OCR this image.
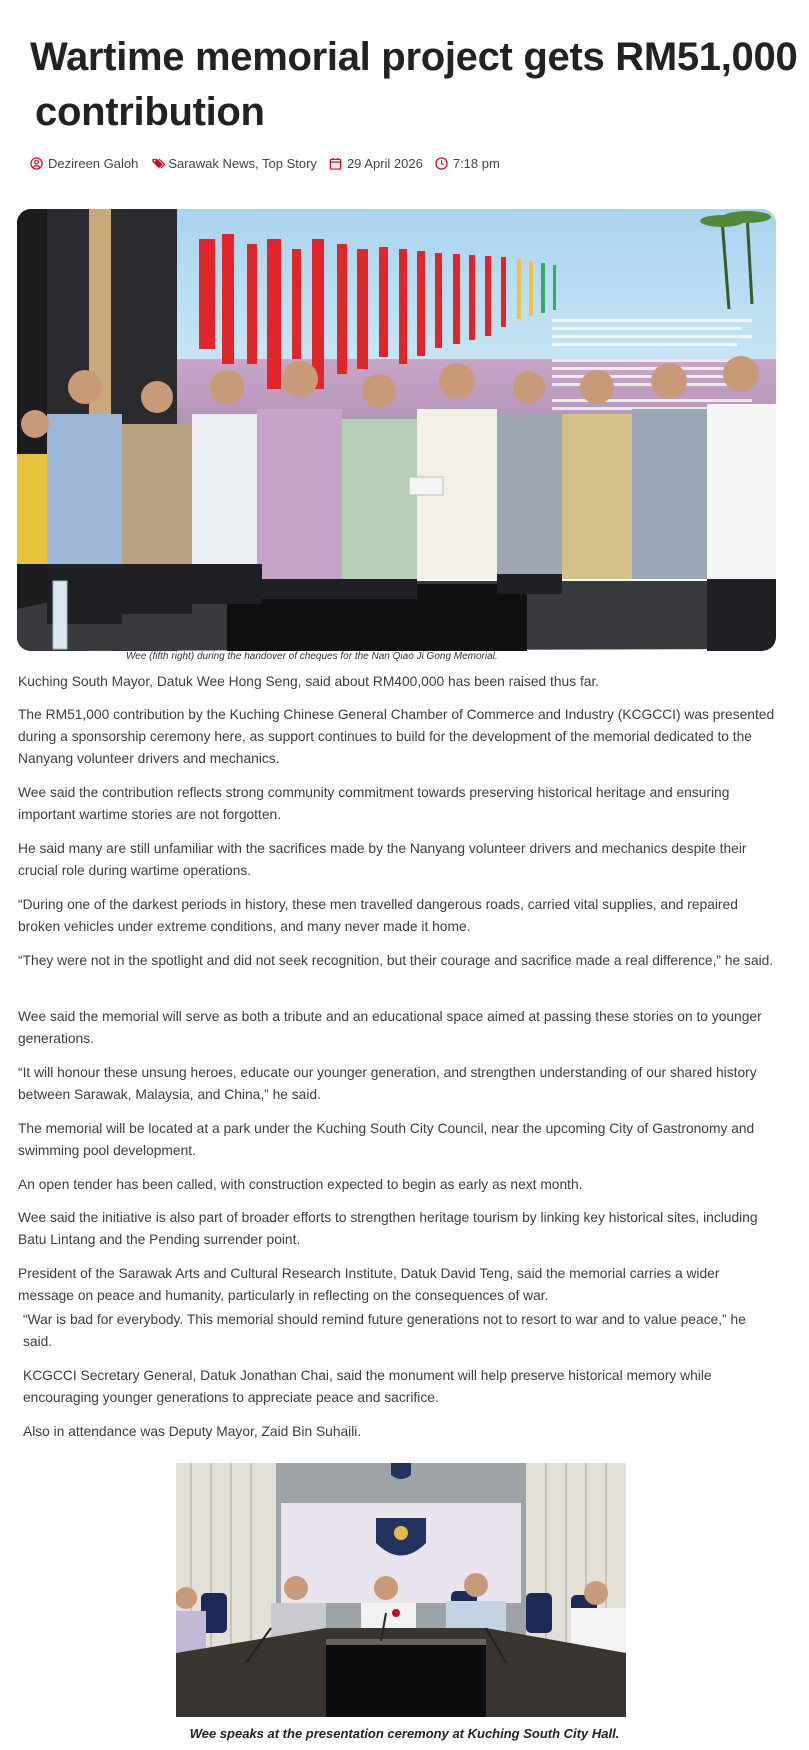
Wartime memorial project gets RM51,000
contribution
Dezireen Galoh Sarawak News, Top Story 29 April 2026 7:18 pm
Wee (fifth right) during the handover of cheques for the Nan Qiao Ji Gong Memorial.

Kuching South Mayor, Datuk Wee Hong Seng, said about RM400,000 has been raised thus far.

The RM51,000 contribution by the Kuching Chinese General Chamber of Commerce and Industry (KCGCCI) was presented during a sponsorship ceremony here, as support continues to build for the development of the memorial dedicated to the Nanyang volunteer drivers and mechanics.

Wee said the contribution reflects strong community commitment towards preserving historical heritage and ensuring important wartime stories are not forgotten.

He said many are still unfamiliar with the sacrifices made by the Nanyang volunteer drivers and mechanics despite their crucial role during wartime operations.

“During one of the darkest periods in history, these men travelled dangerous roads, carried vital supplies, and repaired broken vehicles under extreme conditions, and many never made it home.

“They were not in the spotlight and did not seek recognition, but their courage and sacrifice made a real difference,” he said.

Wee said the memorial will serve as both a tribute and an educational space aimed at passing these stories on to younger generations.

“It will honour these unsung heroes, educate our younger generation, and strengthen understanding of our shared history between Sarawak, Malaysia, and China,” he said.

The memorial will be located at a park under the Kuching South City Council, near the upcoming City of Gastronomy and swimming pool development.

An open tender has been called, with construction expected to begin as early as next month.

Wee said the initiative is also part of broader efforts to strengthen heritage tourism by linking key historical sites, including Batu Lintang and the Pending surrender point.

President of the Sarawak Arts and Cultural Research Institute, Datuk David Teng, said the memorial carries a wider message on peace and humanity, particularly in reflecting on the consequences of war.

“War is bad for everybody. This memorial should remind future generations not to resort to war and to value peace,” he said.

KCGCCI Secretary General, Datuk Jonathan Chai, said the monument will help preserve historical memory while encouraging younger generations to appreciate peace and sacrifice.

Also in attendance was Deputy Mayor, Zaid Bin Suhaili.

Wee speaks at the presentation ceremony at Kuching South City Hall.
